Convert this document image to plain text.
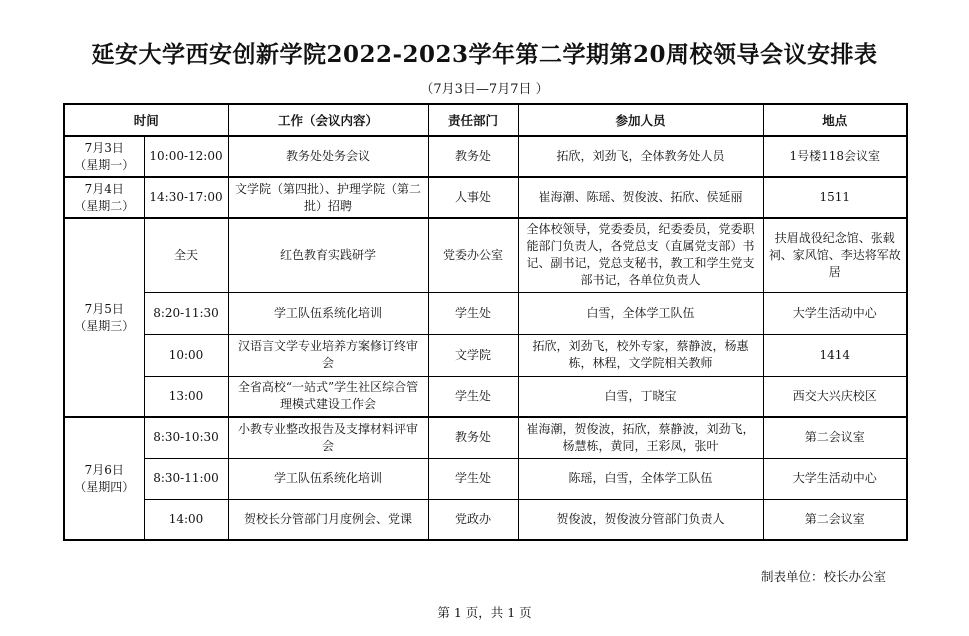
延安大学西安创新学院2022-2023学年第二学期第20周校领导会议安排表
（7月3日—7月7日 ）
时间		工作（会议内容）	责任部门	参加人员	地点

7月3日
（星期一）	10:00-12:00	教务处处务会议	教务处	拓欣，刘劲飞，全体教务处人员	1号楼118会议室

7月4日
（星期二）	14:30-17:00	文学院（第四批）、护理学院（第二批）招聘	人事处	崔海潮、陈瑶、贺俊波、拓欣、侯延丽	1511

7月5日
（星期三）	全天	红色教育实践研学	党委办公室	全体校领导，党委委员，纪委委员，党委职能部门负责人，各党总支（直属党支部）书记、副书记，党总支秘书，教工和学生党支部书记，各单位负责人	扶眉战役纪念馆、张载祠、家风馆、李达将军故居
	8:20-11:30	学工队伍系统化培训	学生处	白雪，全体学工队伍	大学生活动中心
	10:00	汉语言文学专业培养方案修订终审会	文学院	拓欣，刘劲飞，校外专家，蔡静波，杨惠栋，林程，文学院相关教师	1414
	13:00	全省高校“一站式”学生社区综合管理模式建设工作会	学生处	白雪，丁晓宝	西交大兴庆校区

7月6日
（星期四）	8:30-10:30	小教专业整改报告及支撑材料评审会	教务处	崔海潮，贺俊波，拓欣，蔡静波，刘劲飞，杨慧栋，黄同，王彩凤，张叶	第二会议室
	8:30-11:00	学工队伍系统化培训	学生处	陈瑶，白雪，全体学工队伍	大学生活动中心
	14:00	贺校长分管部门月度例会、党课	党政办	贺俊波，贺俊波分管部门负责人	第二会议室
制表单位：校长办公室
第 1 页，共 1 页
